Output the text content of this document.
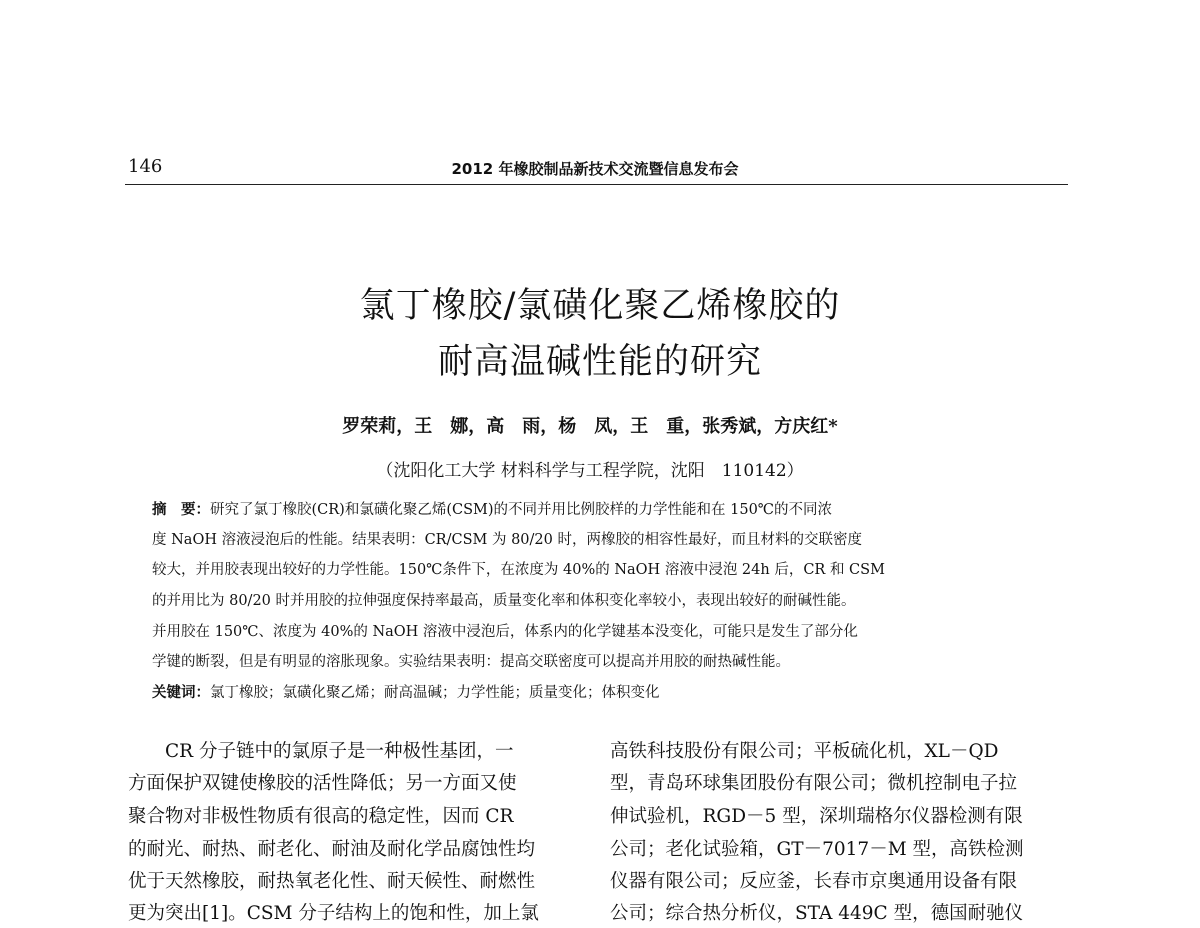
146	2012 年橡胶制品新技术交流暨信息发布会
氯丁橡胶/氯磺化聚乙烯橡胶的
耐高温碱性能的研究
罗荣莉，王　娜，高　雨，杨　凤，王　重，张秀斌，方庆红*
（沈阳化工大学 材料科学与工程学院，沈阳　110142）
摘　要：研究了氯丁橡胶(CR)和氯磺化聚乙烯(CSM)的不同并用比例胶样的力学性能和在 150℃的不同浓
度 NaOH 溶液浸泡后的性能。结果表明：CR/CSM 为 80/20 时，两橡胶的相容性最好，而且材料的交联密度
较大，并用胶表现出较好的力学性能。150℃条件下，在浓度为 40%的 NaOH 溶液中浸泡 24h 后，CR 和 CSM
的并用比为 80/20 时并用胶的拉伸强度保持率最高，质量变化率和体积变化率较小，表现出较好的耐碱性能。
并用胶在 150℃、浓度为 40%的 NaOH 溶液中浸泡后，体系内的化学键基本没变化，可能只是发生了部分化
学键的断裂，但是有明显的溶胀现象。实验结果表明：提高交联密度可以提高并用胶的耐热碱性能。
关键词：氯丁橡胶；氯磺化聚乙烯；耐高温碱；力学性能；质量变化；体积变化
　　CR 分子链中的氯原子是一种极性基团，一
方面保护双键使橡胶的活性降低；另一方面又使
聚合物对非极性物质有很高的稳定性，因而 CR
的耐光、耐热、耐老化、耐油及耐化学品腐蚀性均
优于天然橡胶，耐热氧老化性、耐天候性、耐燃性
更为突出[1]。CSM 分子结构上的饱和性，加上氯
高铁科技股份有限公司；平板硫化机，XL－QD
型，青岛环球集团股份有限公司；微机控制电子拉
伸试验机，RGD－5 型，深圳瑞格尔仪器检测有限
公司；老化试验箱，GT－7017－M 型，高铁检测
仪器有限公司；反应釜，长春市京奥通用设备有限
公司；综合热分析仪，STA 449C 型，德国耐驰仪
